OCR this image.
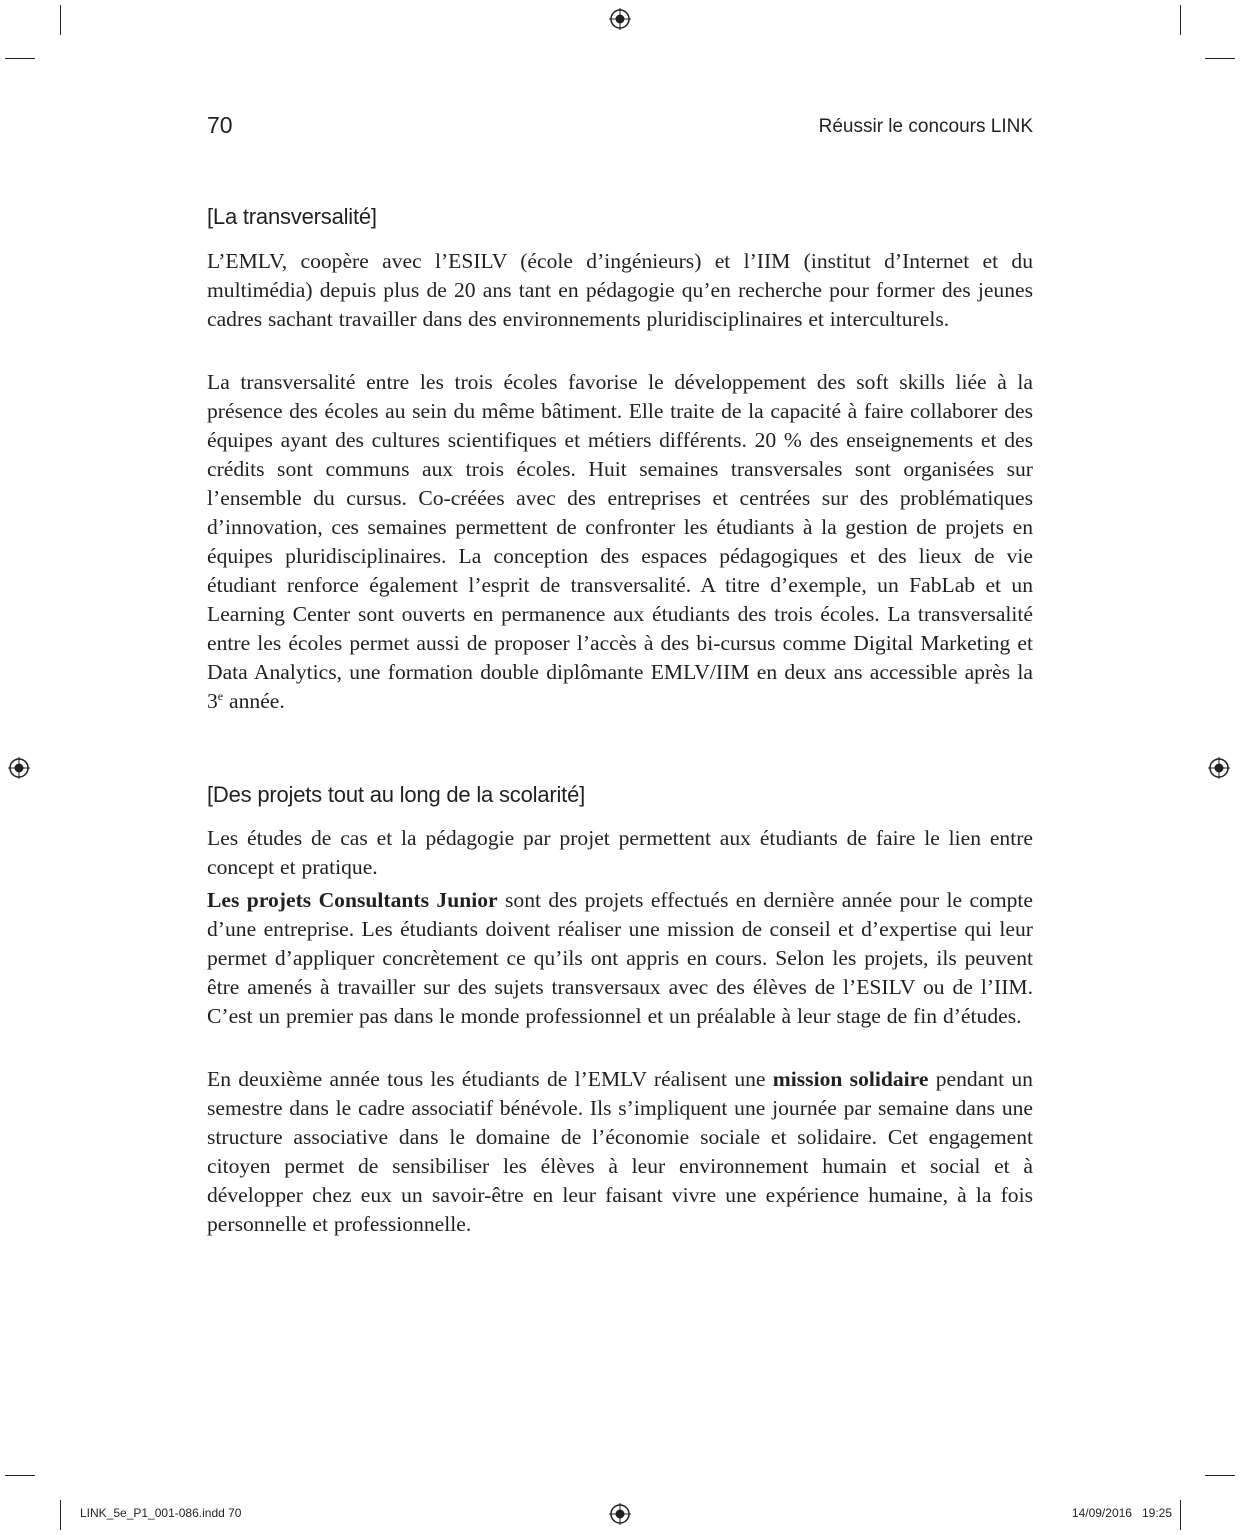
70	Réussir le concours LINK
[La transversalité]

L’EMLV, coopère avec l’ESILV (école d’ingénieurs) et l’IIM (institut d’Internet et du multimédia) depuis plus de 20 ans tant en pédagogie qu’en recherche pour former des jeunes cadres sachant travailler dans des environnements pluridisciplinaires et interculturels.

La transversalité entre les trois écoles favorise le développement des soft skills liée à la présence des écoles au sein du même bâtiment. Elle traite de la capacité à faire collaborer des équipes ayant des cultures scientifiques et métiers différents. 20 % des enseignements et des crédits sont communs aux trois écoles. Huit semaines transversales sont organisées sur l’ensemble du cursus. Co-créées avec des entreprises et centrées sur des problématiques d’innovation, ces semaines permettent de confronter les étudiants à la gestion de projets en équipes pluridisciplinaires. La conception des espaces pédagogiques et des lieux de vie étudiant renforce également l’esprit de transversalité. A titre d’exemple, un FabLab et un Learning Center sont ouverts en permanence aux étudiants des trois écoles. La transversalité entre les écoles permet aussi de proposer l’accès à des bi-cursus comme Digital Marketing et Data Analytics, une formation double diplômante EMLV/IIM en deux ans accessible après la 3e année.

[Des projets tout au long de la scolarité]

Les études de cas et la pédagogie par projet permettent aux étudiants de faire le lien entre concept et pratique.

Les projets Consultants Junior sont des projets effectués en dernière année pour le compte d’une entreprise. Les étudiants doivent réaliser une mission de conseil et d’expertise qui leur permet d’appliquer concrètement ce qu’ils ont appris en cours. Selon les projets, ils peuvent être amenés à travailler sur des sujets transversaux avec des élèves de l’ESILV ou de l’IIM. C’est un premier pas dans le monde professionnel et un préalable à leur stage de fin d’études.

En deuxième année tous les étudiants de l’EMLV réalisent une mission solidaire pendant un semestre dans le cadre associatif bénévole. Ils s’impliquent une journée par semaine dans une structure associative dans le domaine de l’économie sociale et solidaire. Cet engagement citoyen permet de sensibiliser les élèves à leur environnement humain et social et à développer chez eux un savoir-être en leur faisant vivre une expérience humaine, à la fois personnelle et professionnelle.

LINK_5e_P1_001-086.indd 70	14/09/2016   19:25
